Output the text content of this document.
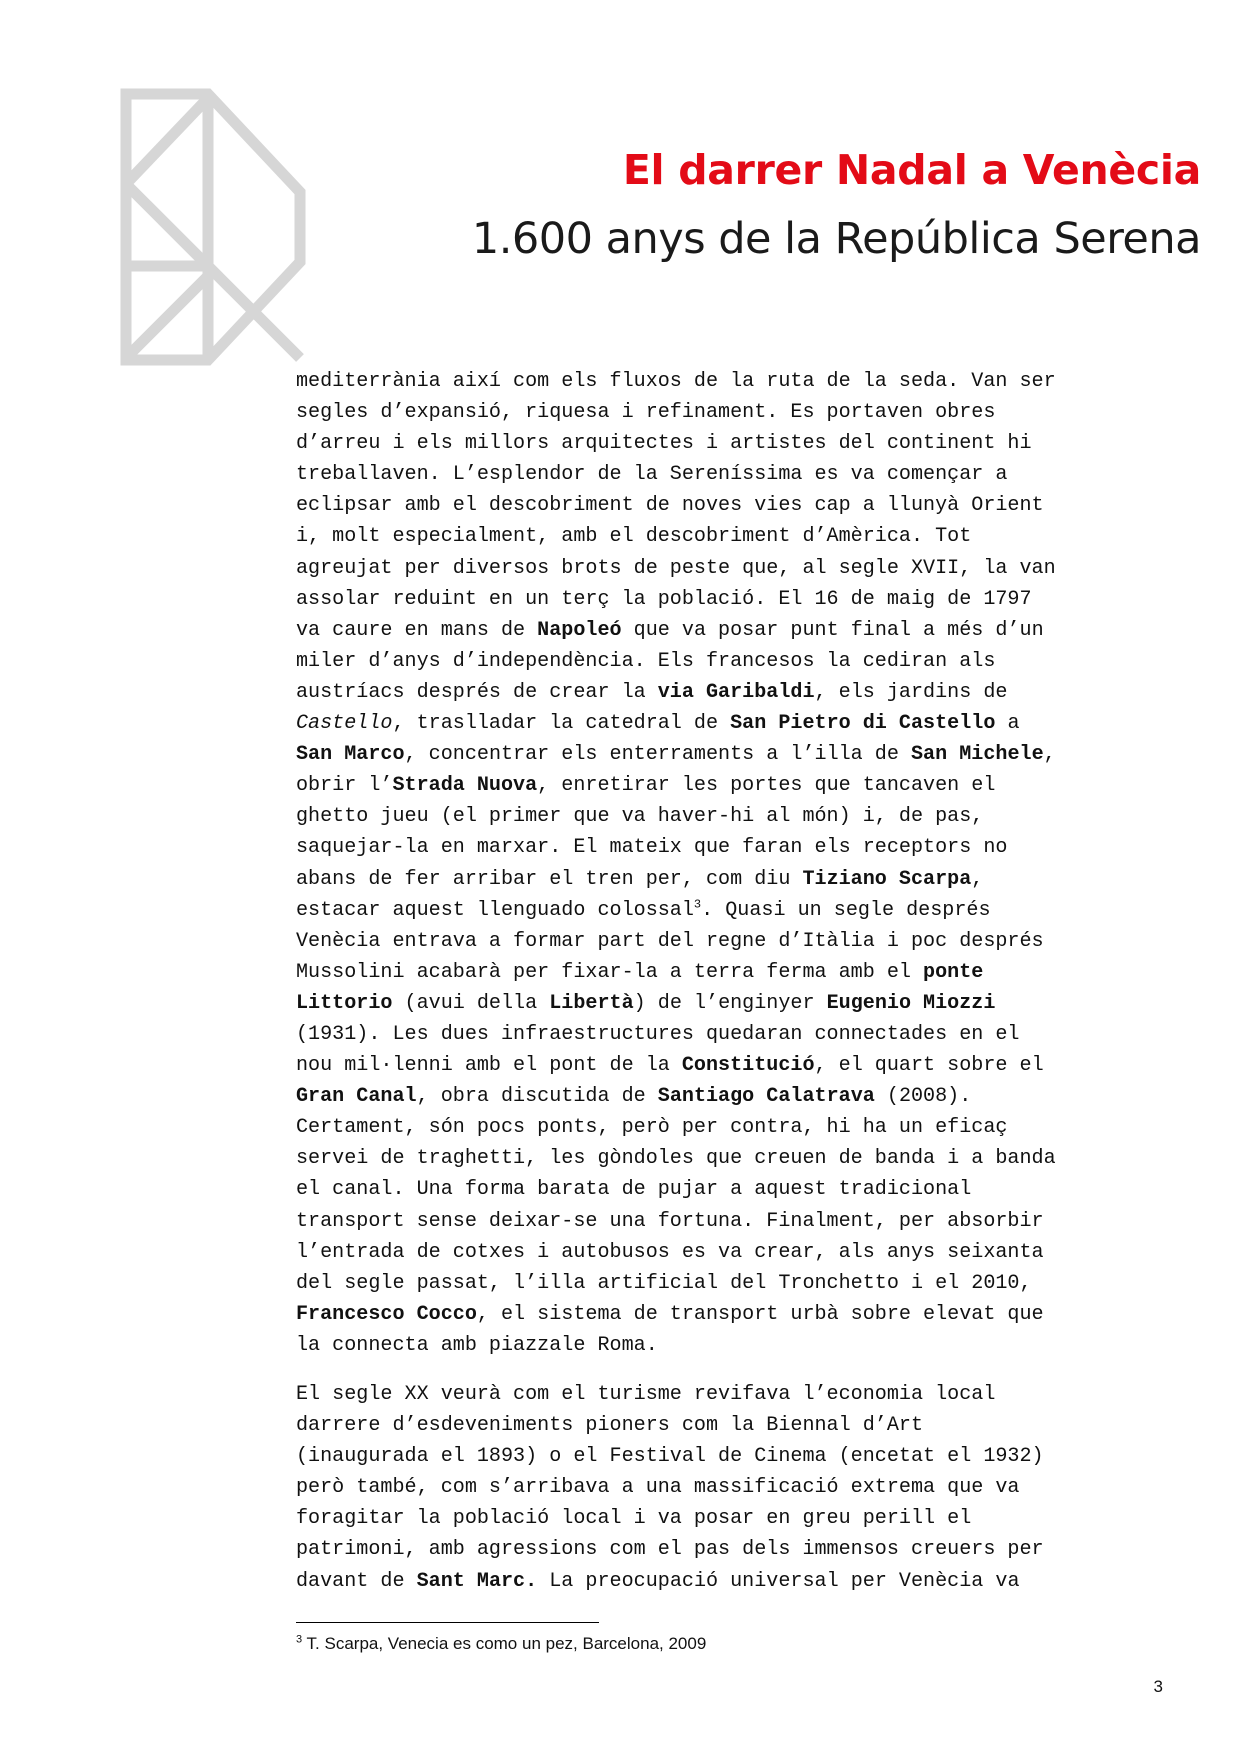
El darrer Nadal a Venècia
1.600 anys de la República Serena

mediterrània així com els fluxos de la ruta de la seda. Van ser
segles d’expansió, riquesa i refinament. Es portaven obres
d’arreu i els millors arquitectes i artistes del continent hi
treballaven. L’esplendor de la Sereníssima es va començar a
eclipsar amb el descobriment de noves vies cap a llunyà Orient
i, molt especialment, amb el descobriment d’Amèrica. Tot
agreujat per diversos brots de peste que, al segle XVII, la van
assolar reduint en un terç la població. El 16 de maig de 1797
va caure en mans de Napoleó que va posar punt final a més d’un
miler d’anys d’independència. Els francesos la cediran als
austríacs després de crear la via Garibaldi, els jardins de
Castello, traslladar la catedral de San Pietro di Castello a
San Marco, concentrar els enterraments a l’illa de San Michele,
obrir l’Strada Nuova, enretirar les portes que tancaven el
ghetto jueu (el primer que va haver-hi al món) i, de pas,
saquejar-la en marxar. El mateix que faran els receptors no
abans de fer arribar el tren per, com diu Tiziano Scarpa,
estacar aquest llenguado colossal$^3$. Quasi un segle després
Venècia entrava a formar part del regne d’Itàlia i poc després
Mussolini acabarà per fixar-la a terra ferma amb el ponte
Littorio (avui della Libertà) de l’enginyer Eugenio Miozzi
(1931). Les dues infraestructures quedaran connectades en el
nou mil·lenni amb el pont de la Constitució, el quart sobre el
Gran Canal, obra discutida de Santiago Calatrava (2008).
Certament, són pocs ponts, però per contra, hi ha un eficaç
servei de traghetti, les gòndoles que creuen de banda i a banda
el canal. Una forma barata de pujar a aquest tradicional
transport sense deixar-se una fortuna. Finalment, per absorbir
l’entrada de cotxes i autobusos es va crear, als anys seixanta
del segle passat, l’illa artificial del Tronchetto i el 2010,
Francesco Cocco, el sistema de transport urbà sobre elevat que
la connecta amb piazzale Roma.

El segle XX veurà com el turisme revifava l’economia local
darrere d’esdeveniments pioners com la Biennal d’Art
(inaugurada el 1893) o el Festival de Cinema (encetat el 1932)
però també, com s’arribava a una massificació extrema que va
foragitar la població local i va posar en greu perill el
patrimoni, amb agressions com el pas dels immensos creuers per
davant de Sant Marc. La preocupació universal per Venècia va

$^3$ T. Scarpa, Venecia es como un pez, Barcelona, 2009
3
